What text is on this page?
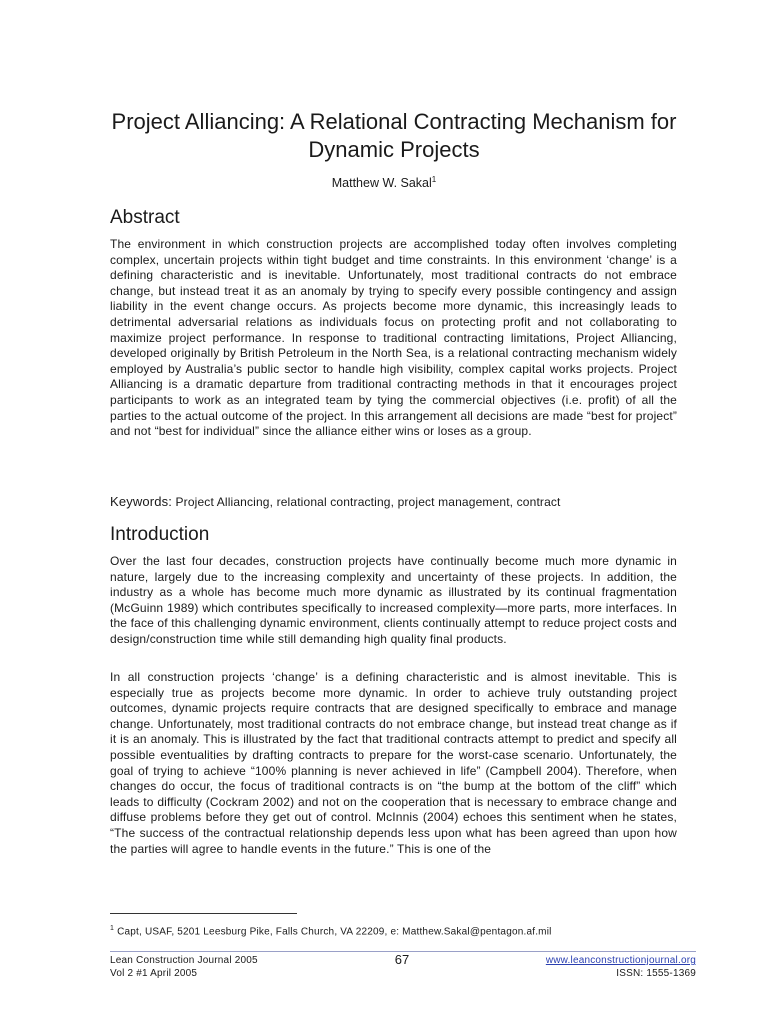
Project Alliancing: A Relational Contracting Mechanism for Dynamic Projects
Matthew W. Sakal$^1$
Abstract
The environment in which construction projects are accomplished today often involves completing complex, uncertain projects within tight budget and time constraints. In this environment ‘change’ is a defining characteristic and is inevitable. Unfortunately, most traditional contracts do not embrace change, but instead treat it as an anomaly by trying to specify every possible contingency and assign liability in the event change occurs. As projects become more dynamic, this increasingly leads to detrimental adversarial relations as individuals focus on protecting profit and not collaborating to maximize project performance. In response to traditional contracting limitations, Project Alliancing, developed originally by British Petroleum in the North Sea, is a relational contracting mechanism widely employed by Australia’s public sector to handle high visibility, complex capital works projects. Project Alliancing is a dramatic departure from traditional contracting methods in that it encourages project participants to work as an integrated team by tying the commercial objectives (i.e. profit) of all the parties to the actual outcome of the project. In this arrangement all decisions are made “best for project” and not “best for individual” since the alliance either wins or loses as a group.
Keywords: Project Alliancing, relational contracting, project management, contract
Introduction
Over the last four decades, construction projects have continually become much more dynamic in nature, largely due to the increasing complexity and uncertainty of these projects. In addition, the industry as a whole has become much more dynamic as illustrated by its continual fragmentation (McGuinn 1989) which contributes specifically to increased complexity—more parts, more interfaces. In the face of this challenging dynamic environment, clients continually attempt to reduce project costs and design/construction time while still demanding high quality final products.
In all construction projects ‘change’ is a defining characteristic and is almost inevitable. This is especially true as projects become more dynamic. In order to achieve truly outstanding project outcomes, dynamic projects require contracts that are designed specifically to embrace and manage change. Unfortunately, most traditional contracts do not embrace change, but instead treat change as if it is an anomaly. This is illustrated by the fact that traditional contracts attempt to predict and specify all possible eventualities by drafting contracts to prepare for the worst-case scenario. Unfortunately, the goal of trying to achieve “100% planning is never achieved in life” (Campbell 2004). Therefore, when changes do occur, the focus of traditional contracts is on “the bump at the bottom of the cliff” which leads to difficulty (Cockram 2002) and not on the cooperation that is necessary to embrace change and diffuse problems before they get out of control. McInnis (2004) echoes this sentiment when he states, “The success of the contractual relationship depends less upon what has been agreed than upon how the parties will agree to handle events in the future.” This is one of the
$^1$ Capt, USAF, 5201 Leesburg Pike, Falls Church, VA 22209, e: Matthew.Sakal@pentagon.af.mil
Lean Construction Journal 2005
Vol 2 #1 April 2005
67	www.leanconstructionjournal.org
ISSN: 1555-1369
